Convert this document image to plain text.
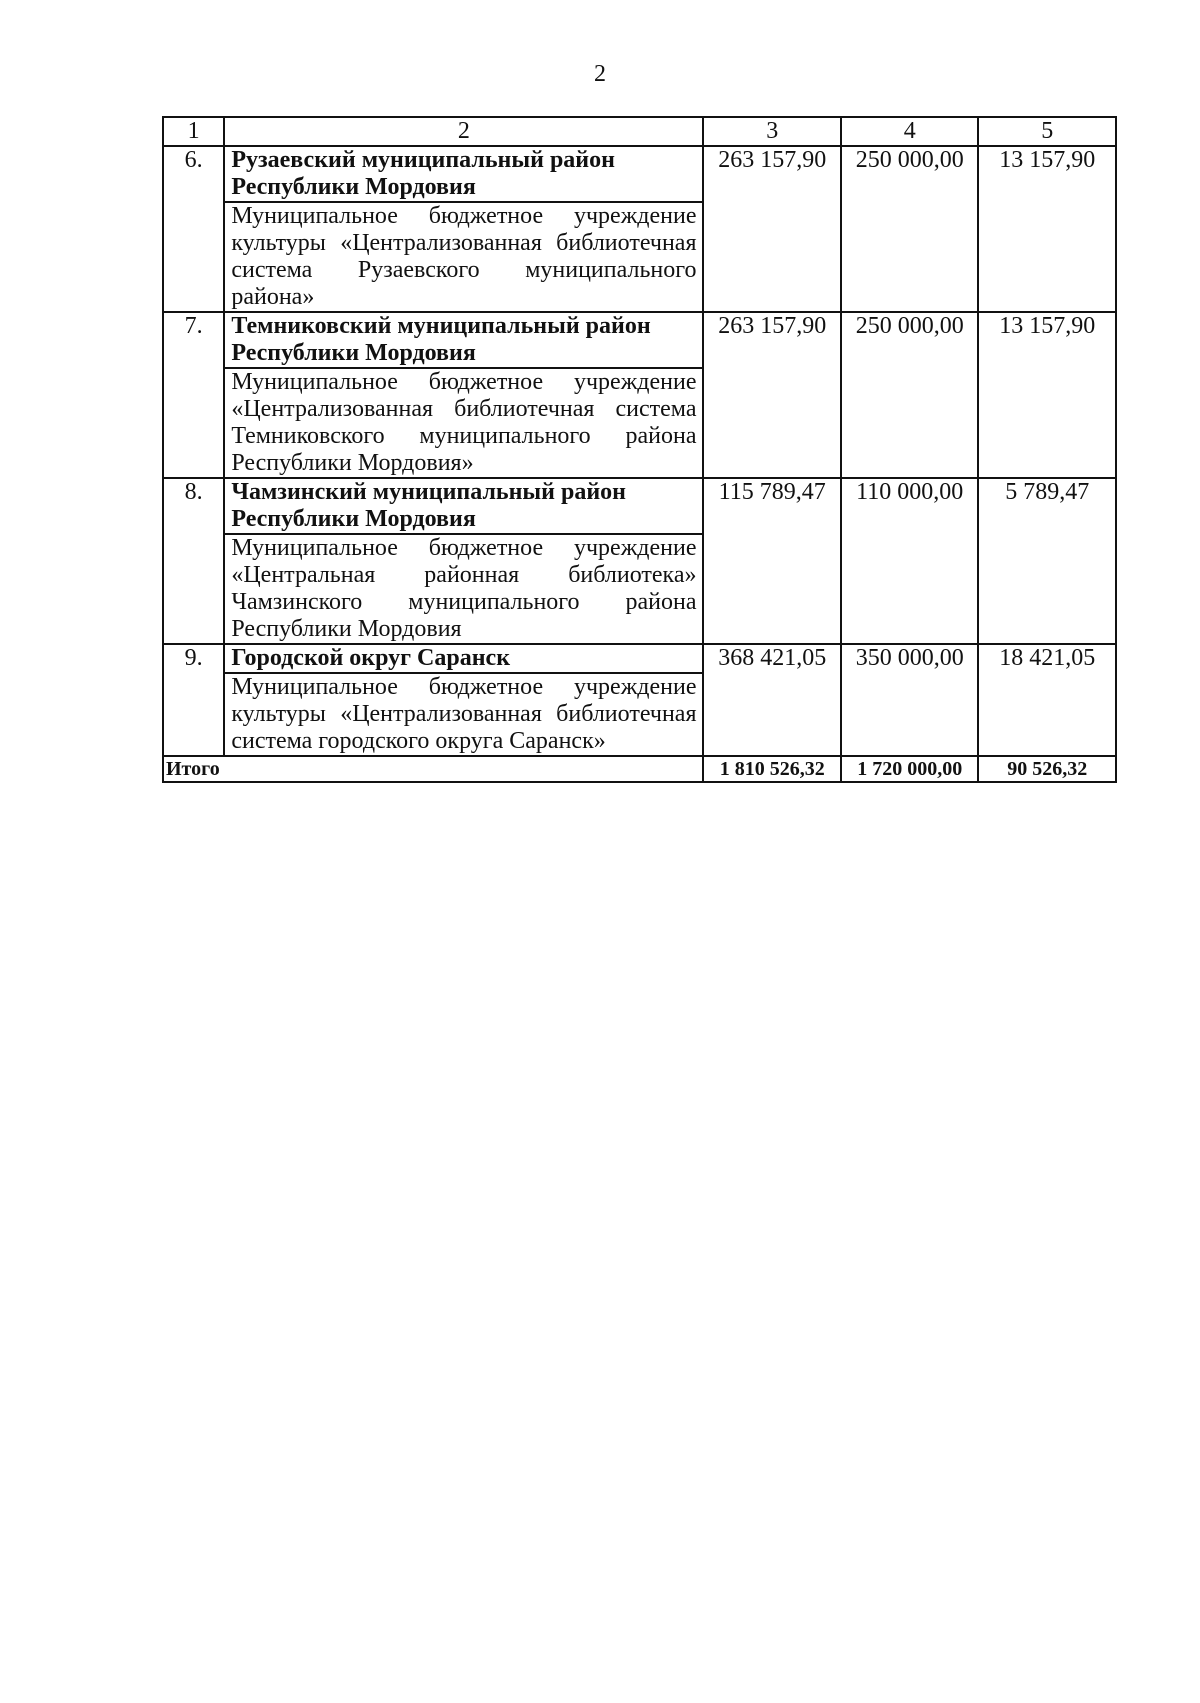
2
1	2	3	4	5
6.	Рузаевский муниципальный район Республики Мордовия	263 157,90	250 000,00	13 157,90
	Муниципальное бюджетное учреждение культуры «Централизованная библиотечная система Рузаевского муниципального района»			
7.	Темниковский муниципальный район Республики Мордовия	263 157,90	250 000,00	13 157,90
	Муниципальное бюджетное учреждение «Централизованная библиотечная система Темниковского муниципального района Республики Мордовия»			
8.	Чамзинский муниципальный район Республики Мордовия	115 789,47	110 000,00	5 789,47
	Муниципальное бюджетное учреждение «Центральная районная библиотека» Чамзинского муниципального района Республики Мордовия			
9.	Городской округ Саранск	368 421,05	350 000,00	18 421,05
	Муниципальное бюджетное учреждение культуры «Централизованная библиотечная система городского округа Саранск»			
Итого		1 810 526,32	1 720 000,00	90 526,32
